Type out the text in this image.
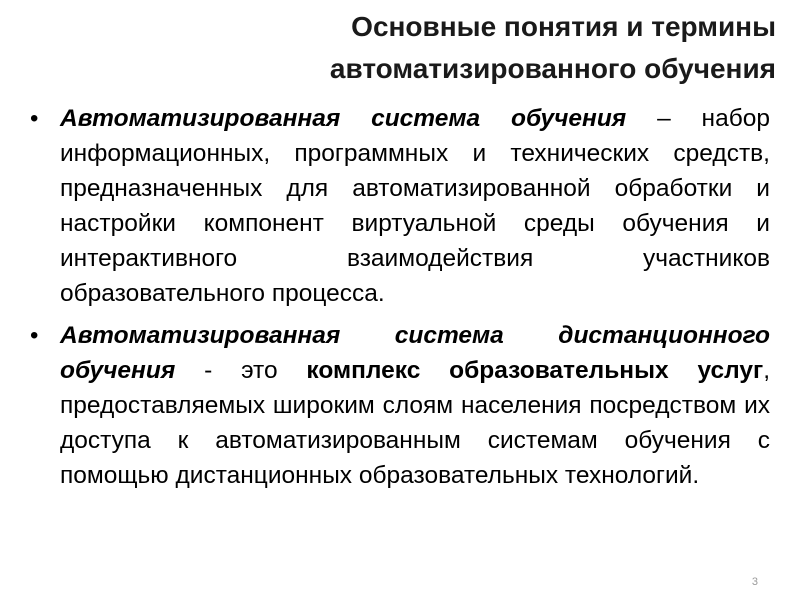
Основные понятия и термины
автоматизированного обучения
• Автоматизированная система обучения – набор информационных, программных и технических средств, предназначенных для автоматизированной обработки и настройки компонент виртуальной среды обучения и интерактивного взаимодействия участников образовательного процесса.
• Автоматизированная система дистанционного обучения - это комплекс образовательных услуг, предоставляемых широким слоям населения посредством их доступа к автоматизированным системам обучения с помощью дистанционных образовательных технологий.
3
